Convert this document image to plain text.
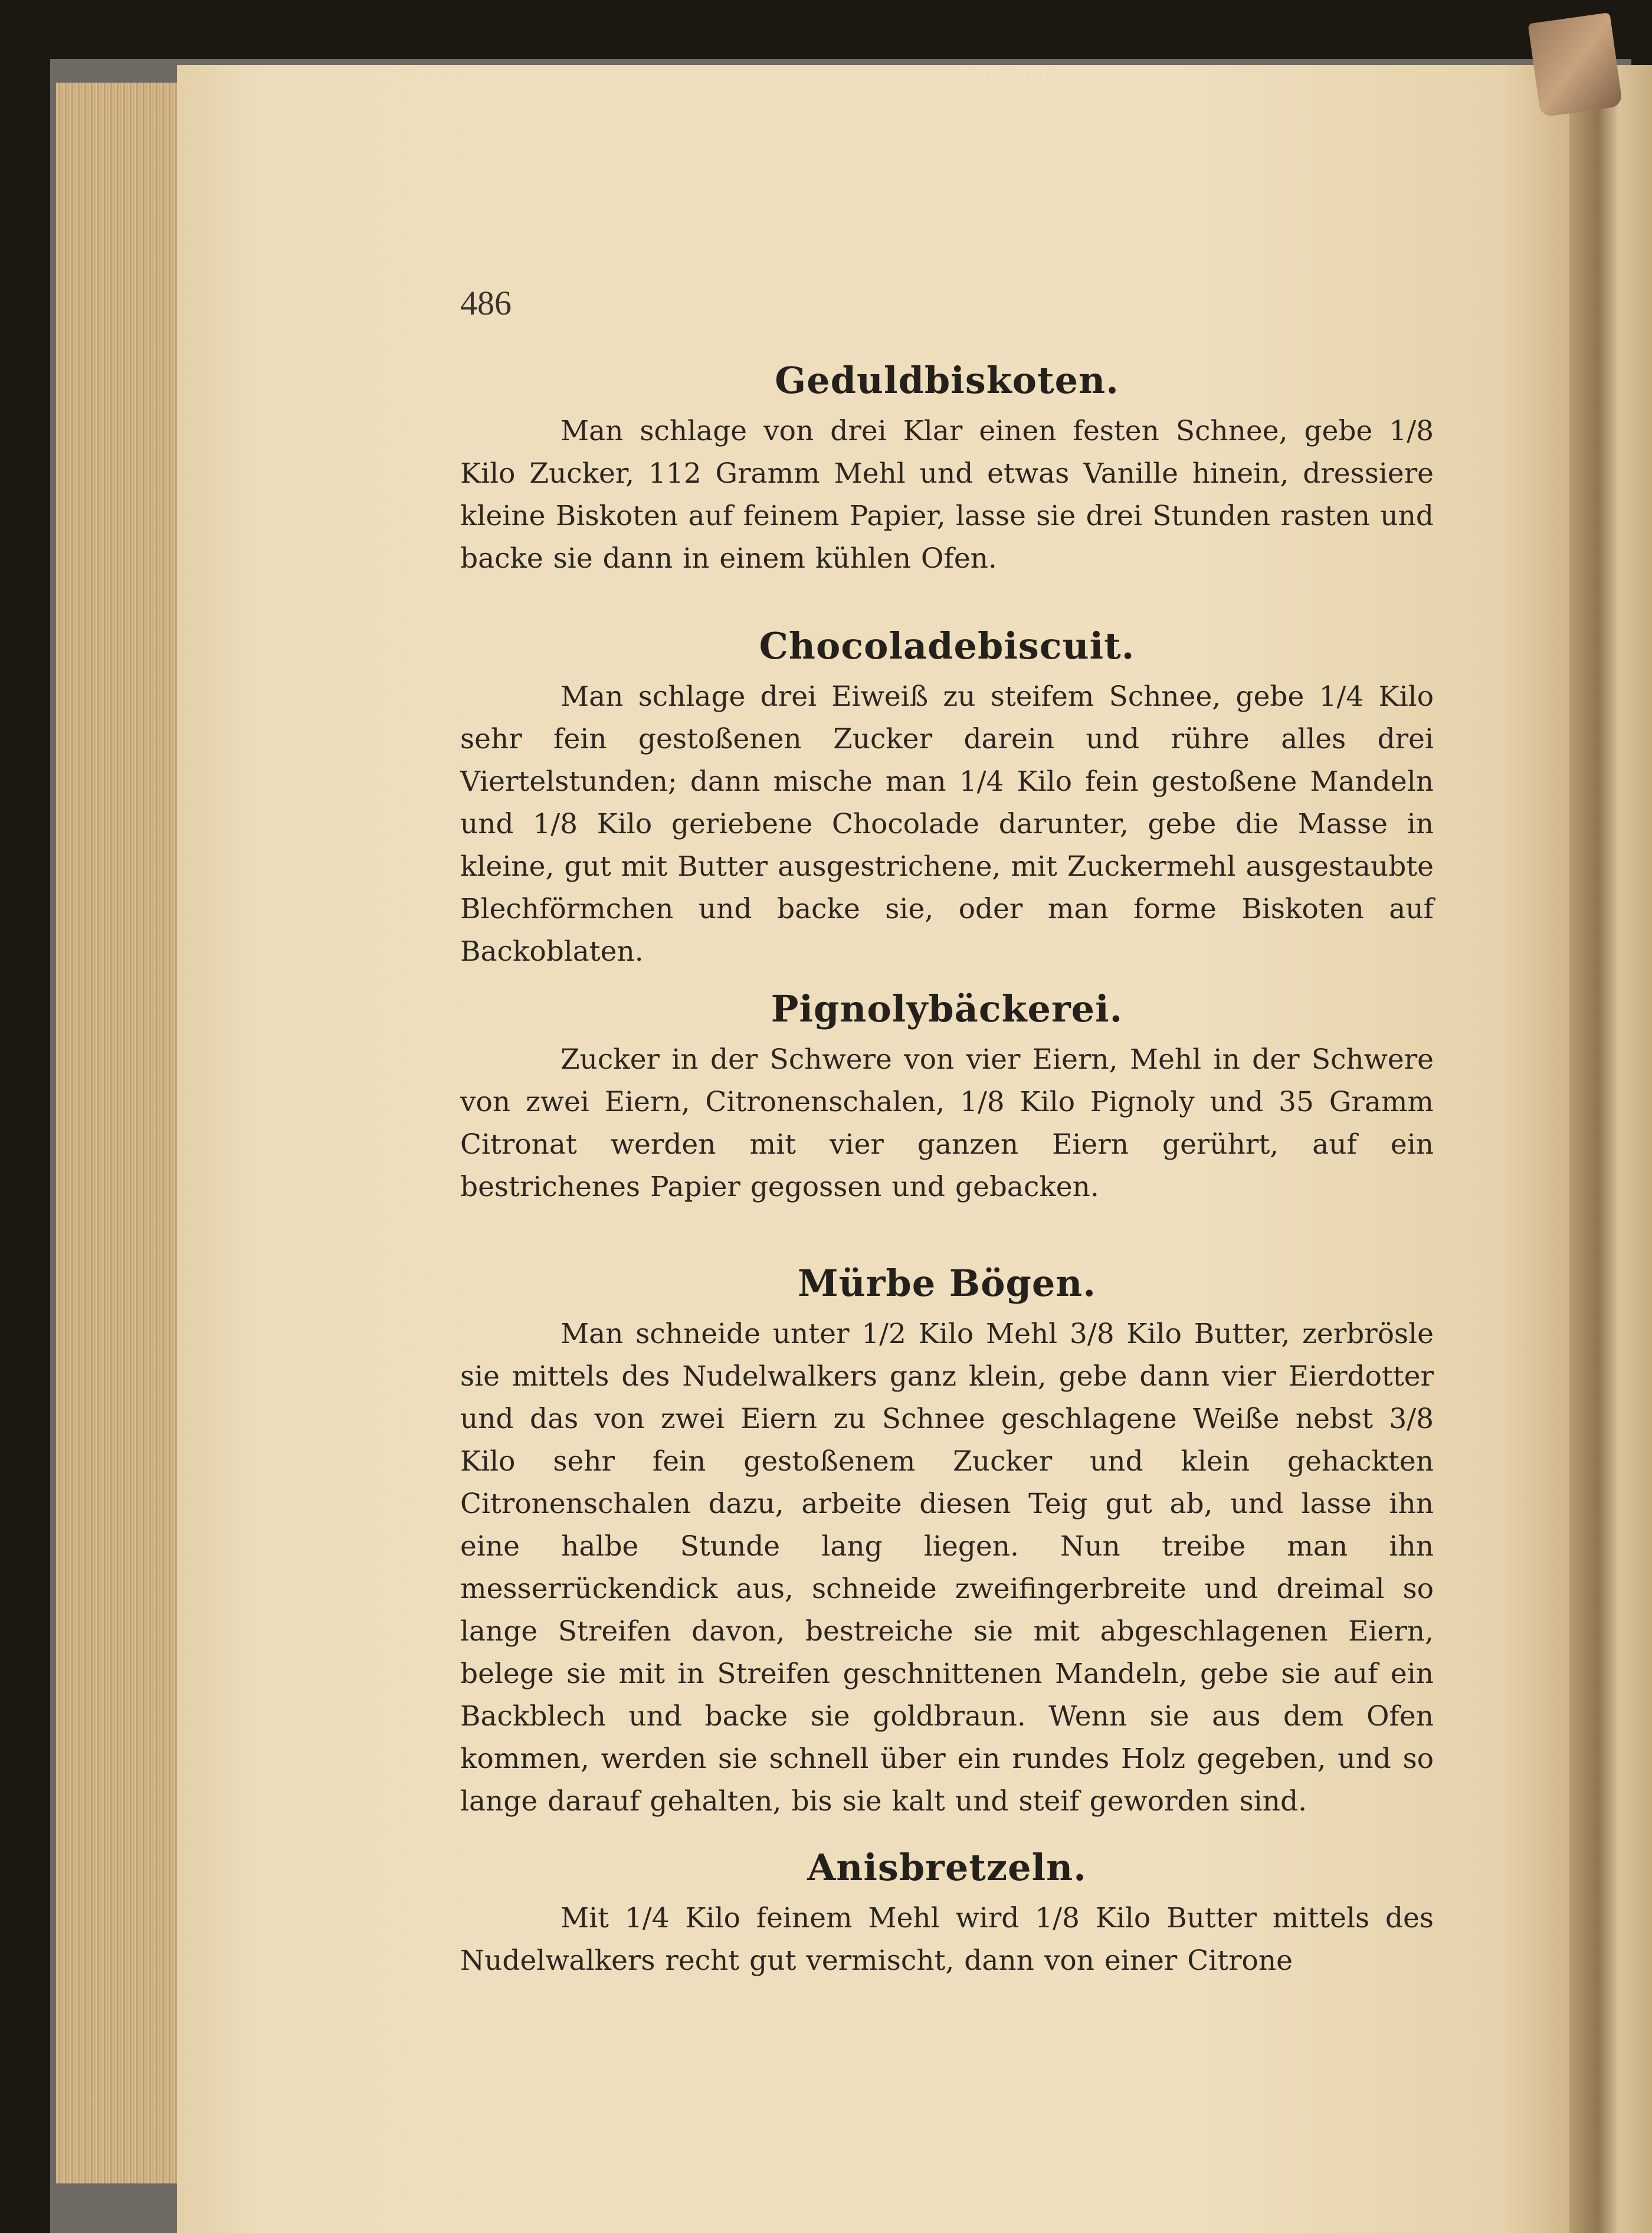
486
Geduldbiskoten.

Man schlage von drei Klar einen festen Schnee, gebe 1/8 Kilo Zucker, 112 Gramm Mehl und etwas Vanille hinein, dressiere kleine Biskoten auf feinem Papier, lasse sie drei Stunden rasten und backe sie dann in einem kühlen Ofen.

Chocoladebiscuit.

Man schlage drei Eiweiß zu steifem Schnee, gebe 1/4 Kilo sehr fein gestoßenen Zucker darein und rühre alles drei Viertelstunden; dann mische man 1/4 Kilo fein gestoßene Mandeln und 1/8 Kilo geriebene Chocolade darunter, gebe die Masse in kleine, gut mit Butter ausgestrichene, mit Zuckermehl ausgestaubte Blechförmchen und backe sie, oder man forme Biskoten auf Backoblaten.

Pignolybäckerei.

Zucker in der Schwere von vier Eiern, Mehl in der Schwere von zwei Eiern, Citronenschalen, 1/8 Kilo Pignoly und 35 Gramm Citronat werden mit vier ganzen Eiern gerührt, auf ein bestrichenes Papier gegossen und gebacken.

Mürbe Bögen.

Man schneide unter 1/2 Kilo Mehl 3/8 Kilo Butter, zerbrösle sie mittels des Nudelwalkers ganz klein, gebe dann vier Eierdotter und das von zwei Eiern zu Schnee geschlagene Weiße nebst 3/8 Kilo sehr fein gestoßenem Zucker und klein gehackten Citronenschalen dazu, arbeite diesen Teig gut ab, und lasse ihn eine halbe Stunde lang liegen. Nun treibe man ihn messerrückendick aus, schneide zweifingerbreite und dreimal so lange Streifen davon, bestreiche sie mit abgeschlagenen Eiern, belege sie mit in Streifen geschnittenen Mandeln, gebe sie auf ein Backblech und backe sie goldbraun. Wenn sie aus dem Ofen kommen, werden sie schnell über ein rundes Holz gegeben, und so lange darauf gehalten, bis sie kalt und steif geworden sind.

Anisbretzeln.

Mit 1/4 Kilo feinem Mehl wird 1/8 Kilo Butter mittels des Nudelwalkers recht gut vermischt, dann von einer Citrone
